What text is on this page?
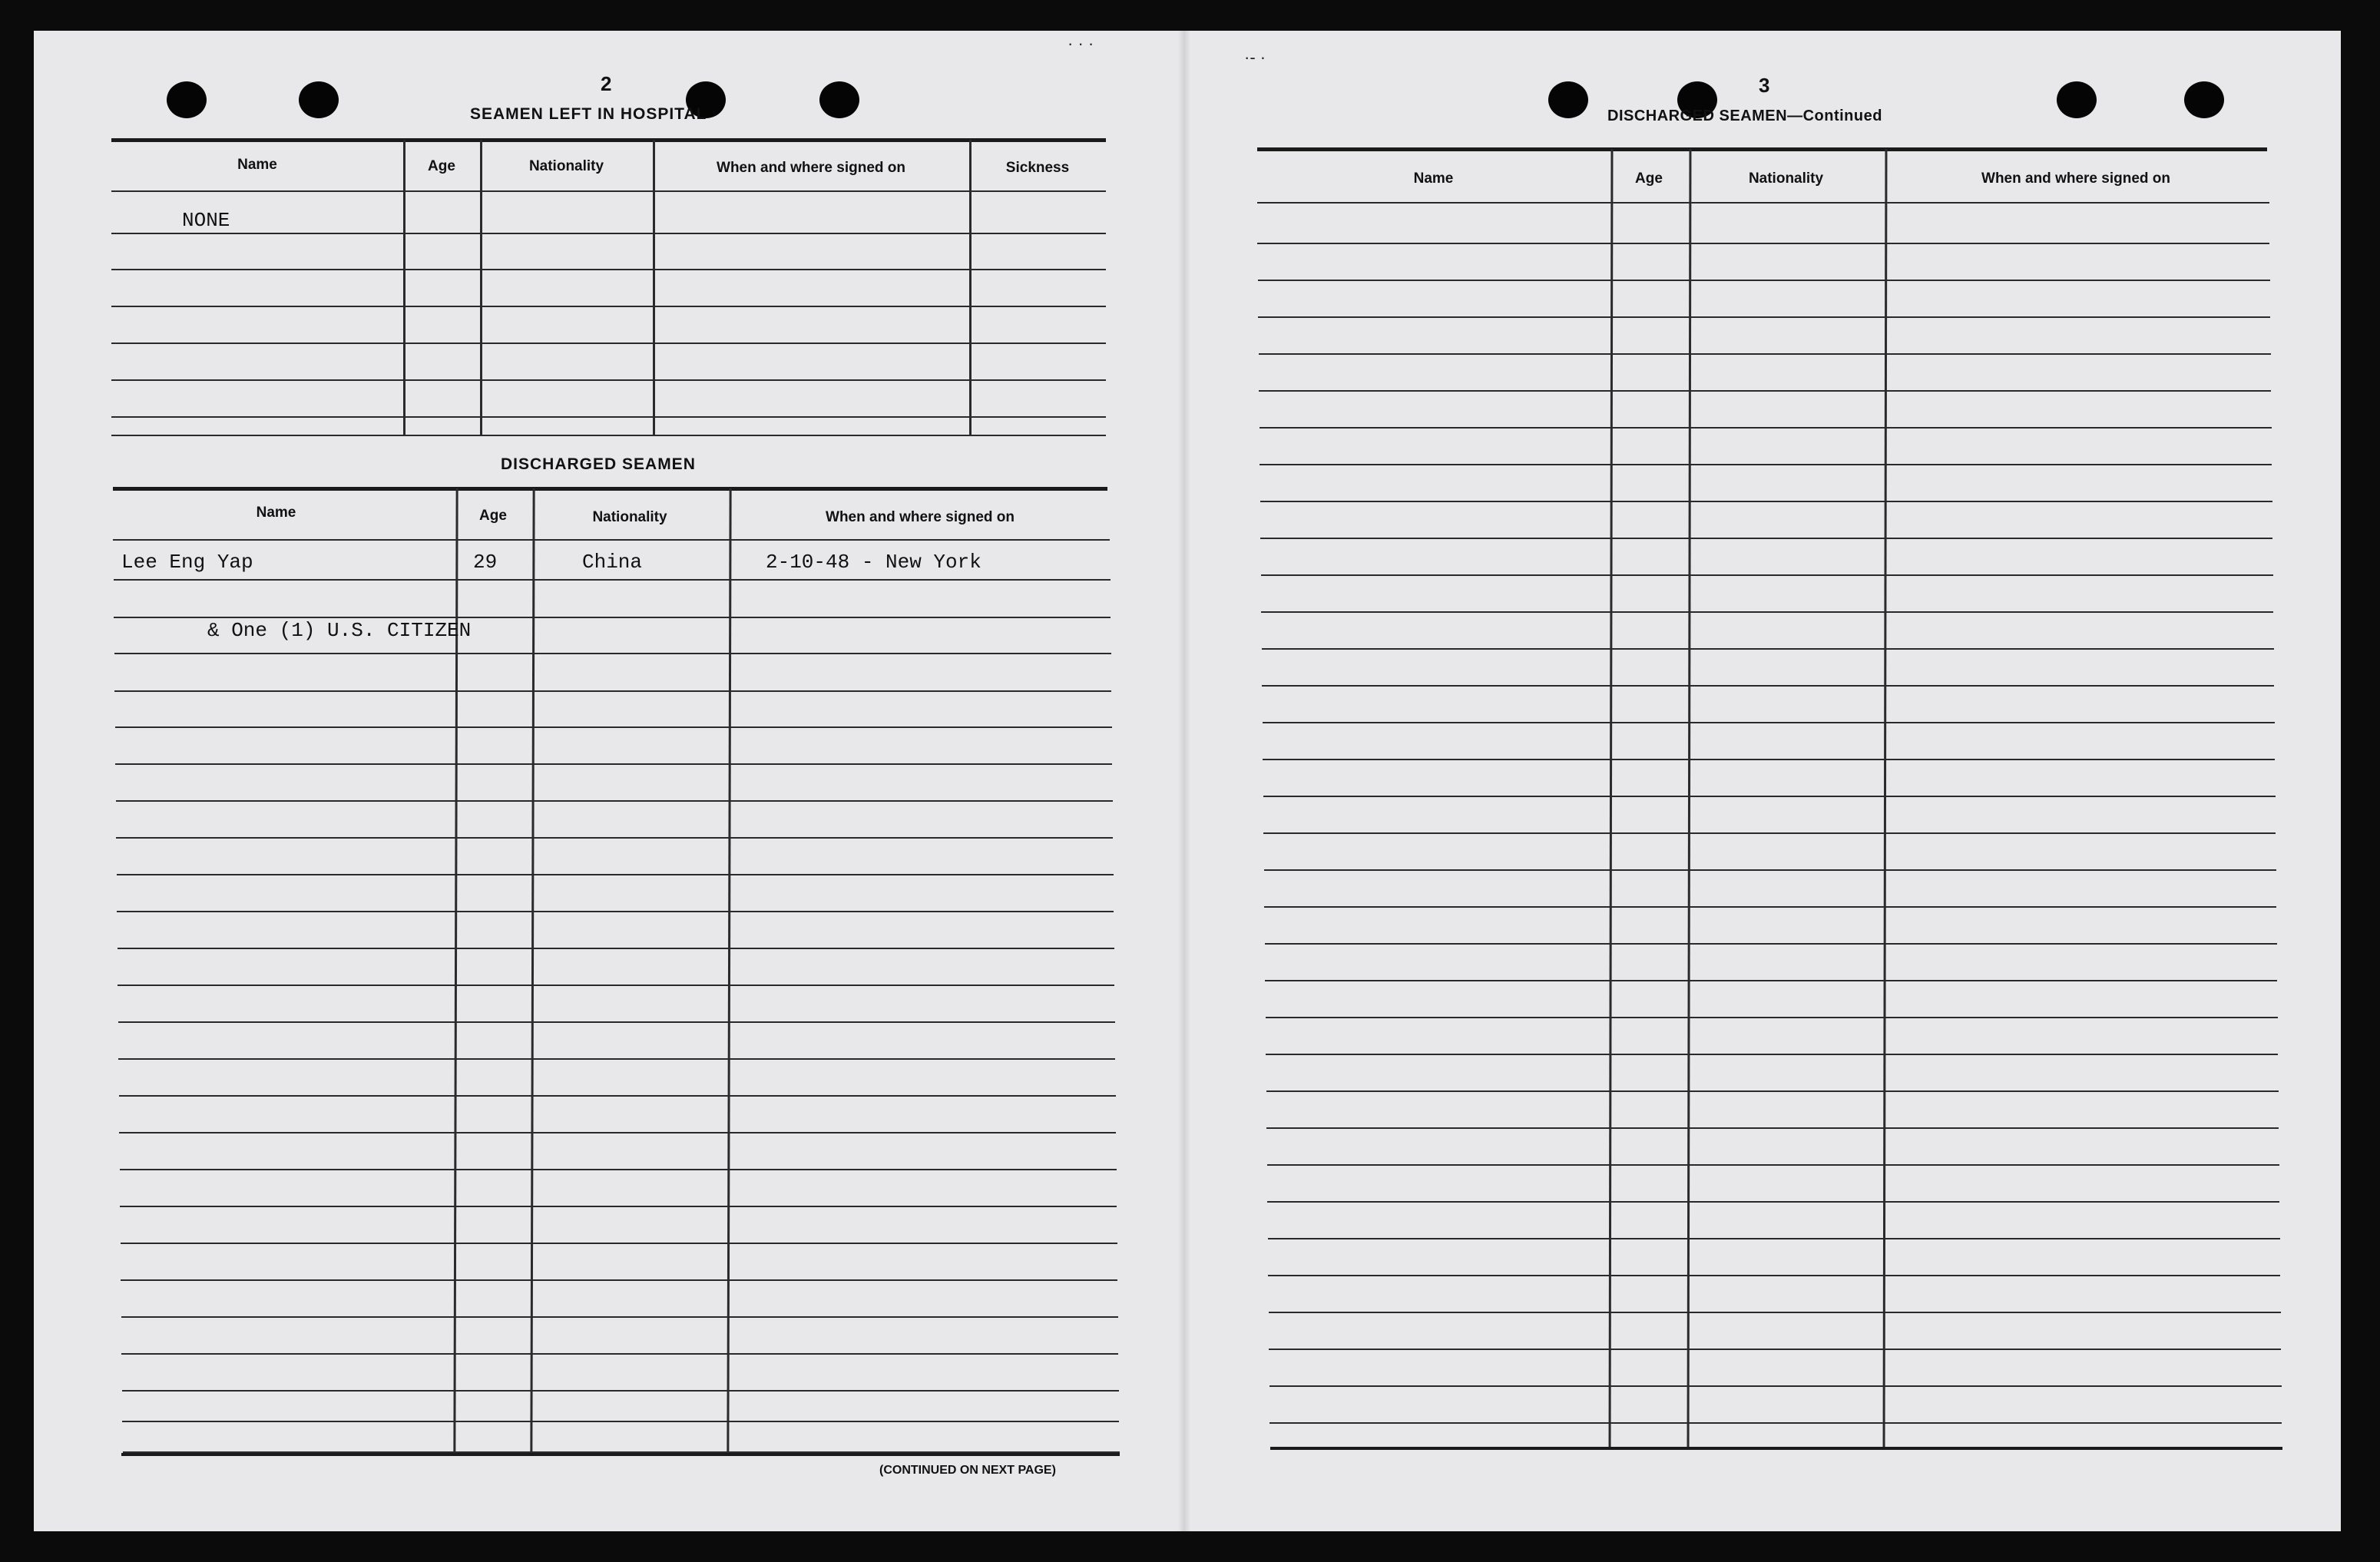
· · ·
·- ·
2
SEAMEN LEFT IN HOSPITAL
Name	Age	Nationality	When and where signed on	Sickness
NONE
DISCHARGED SEAMEN
Name	Age	Nationality	When and where signed on
Lee Eng Yap	29	China	2-10-48 - New York
& One (1) U.S. CITIZEN
(CONTINUED ON NEXT PAGE)
3
DISCHARGED SEAMEN—Continued
Name	Age	Nationality	When and where signed on
